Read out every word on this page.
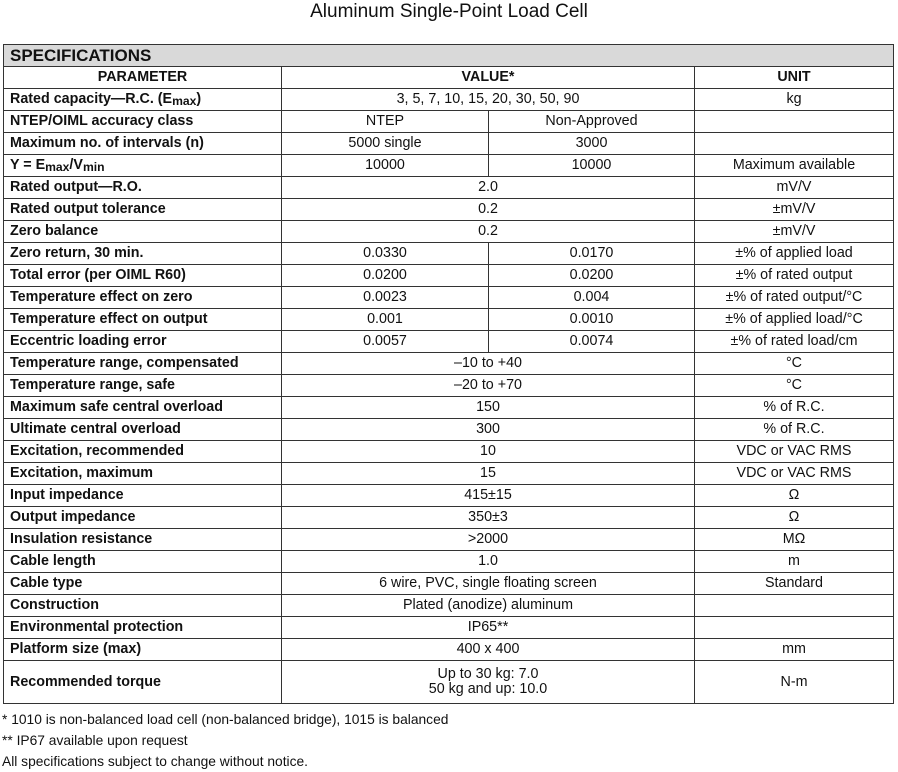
Aluminum Single-Point Load Cell
SPECIFICATIONS			
PARAMETER	VALUE*		UNIT
Rated capacity—R.C. $(E_{max})$	3, 5, 7, 10, 15, 20, 30, 50, 90		kg
NTEP/OIML accuracy class	NTEP	Non-Approved	
Maximum no. of intervals (n)	5000 single	3000	
$Y = E_{max}/V_{min}$	10000	10000	Maximum available
Rated output—R.O.	2.0		mV/V
Rated output tolerance	0.2		±mV/V
Zero balance	0.2		±mV/V
Zero return, 30 min.	0.0330	0.0170	±% of applied load
Total error (per OIML R60)	0.0200	0.0200	±% of rated output
Temperature effect on zero	0.0023	0.004	±% of rated output/°C
Temperature effect on output	0.001	0.0010	±% of applied load/°C
Eccentric loading error	0.0057	0.0074	±% of rated load/cm
Temperature range, compensated	–10 to +40		°C
Temperature range, safe	–20 to +70		°C
Maximum safe central overload	150		% of R.C.
Ultimate central overload	300		% of R.C.
Excitation, recommended	10		VDC or VAC RMS
Excitation, maximum	15		VDC or VAC RMS
Input impedance	415±15		Ω
Output impedance	350±3		Ω
Insulation resistance	>2000		MΩ
Cable length	1.0		m
Cable type	6 wire, PVC, single floating screen		Standard
Construction	Plated (anodize) aluminum		
Environmental protection	IP65**		
Platform size (max)	400 x 400		mm
Recommended torque	Up to 30 kg: 7.0
50 kg and up: 10.0		N-m
* 1010 is non-balanced load cell (non-balanced bridge), 1015 is balanced
** IP67 available upon request
All specifications subject to change without notice.
